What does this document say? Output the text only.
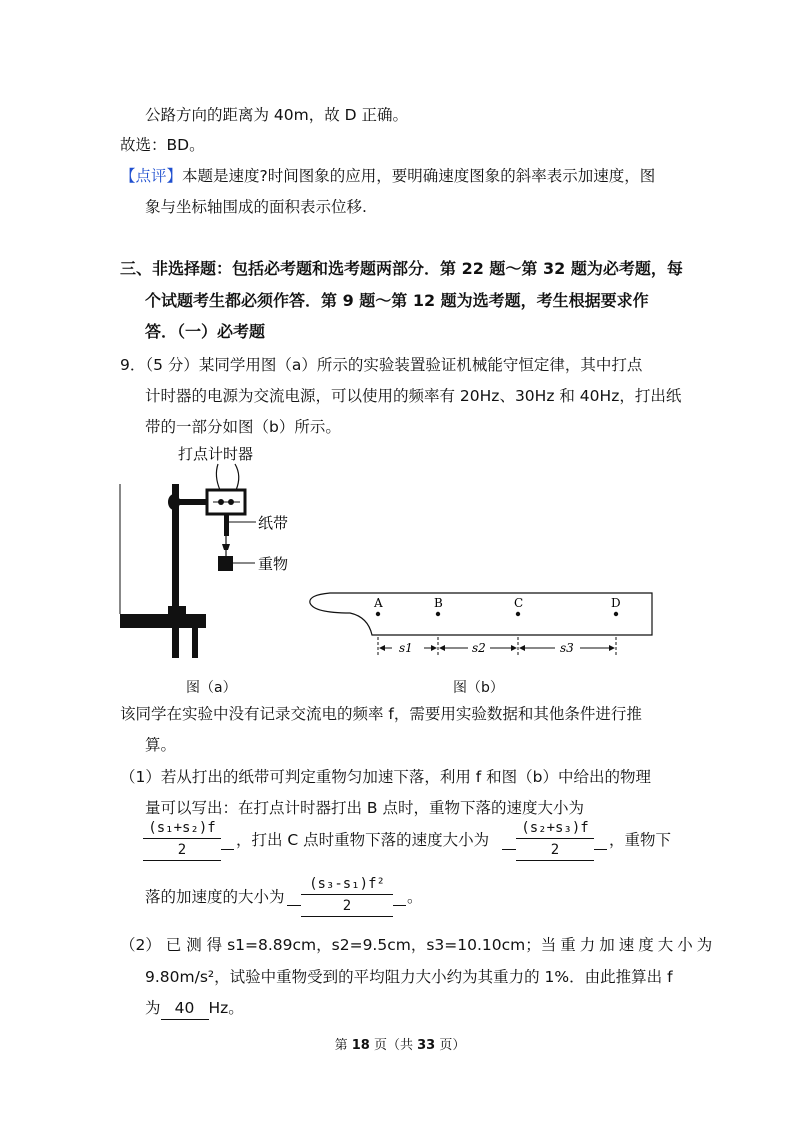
公路方向的距离为 40m，故 D 正确。
故选：BD。
【点评】本题是速度?时间图象的应用，要明确速度图象的斜率表示加速度，图
象与坐标轴围成的面积表示位移.
三、非选择题：包括必考题和选考题两部分．第 22 题～第 32 题为必考题，每
个试题考生都必须作答．第 9 题～第 12 题为选考题，考生根据要求作
答．（一）必考题
9．（5 分）某同学用图（a）所示的实验装置验证机械能守恒定律，其中打点
计时器的电源为交流电源，可以使用的频率有 20Hz、30Hz 和 40Hz，打出纸
带的一部分如图（b）所示。
打点计时器
纸带
重物
图（a）
A	B	C	D
s1	s2	s3
图（b）
该同学在实验中没有记录交流电的频率 f，需要用实验数据和其他条件进行推
算。
（1）若从打出的纸带可判定重物匀加速下落，利用 f 和图（b）中给出的物理
量可以写出：在打点计时器打出 B 点时，重物下落的速度大小为
$\frac{\text{(s₁+s₂)f}}{2}$ ，打出 C 点时重物下落的速度大小为 $\frac{\text{(s₂+s₃)f}}{2}$ ，重物下
落的加速度的大小为 $\frac{\text{(s₃-s₁)f²}}{2}$ 。
（2） 已 测 得 s1=8.89cm，s2=9.5cm，s3=10.10cm；当重力加速度大小为
9.80m/s²，试验中重物受到的平均阻力大小约为其重力的 1%．由此推算出 f
为 40 Hz。
第 18 页（共 33 页）
